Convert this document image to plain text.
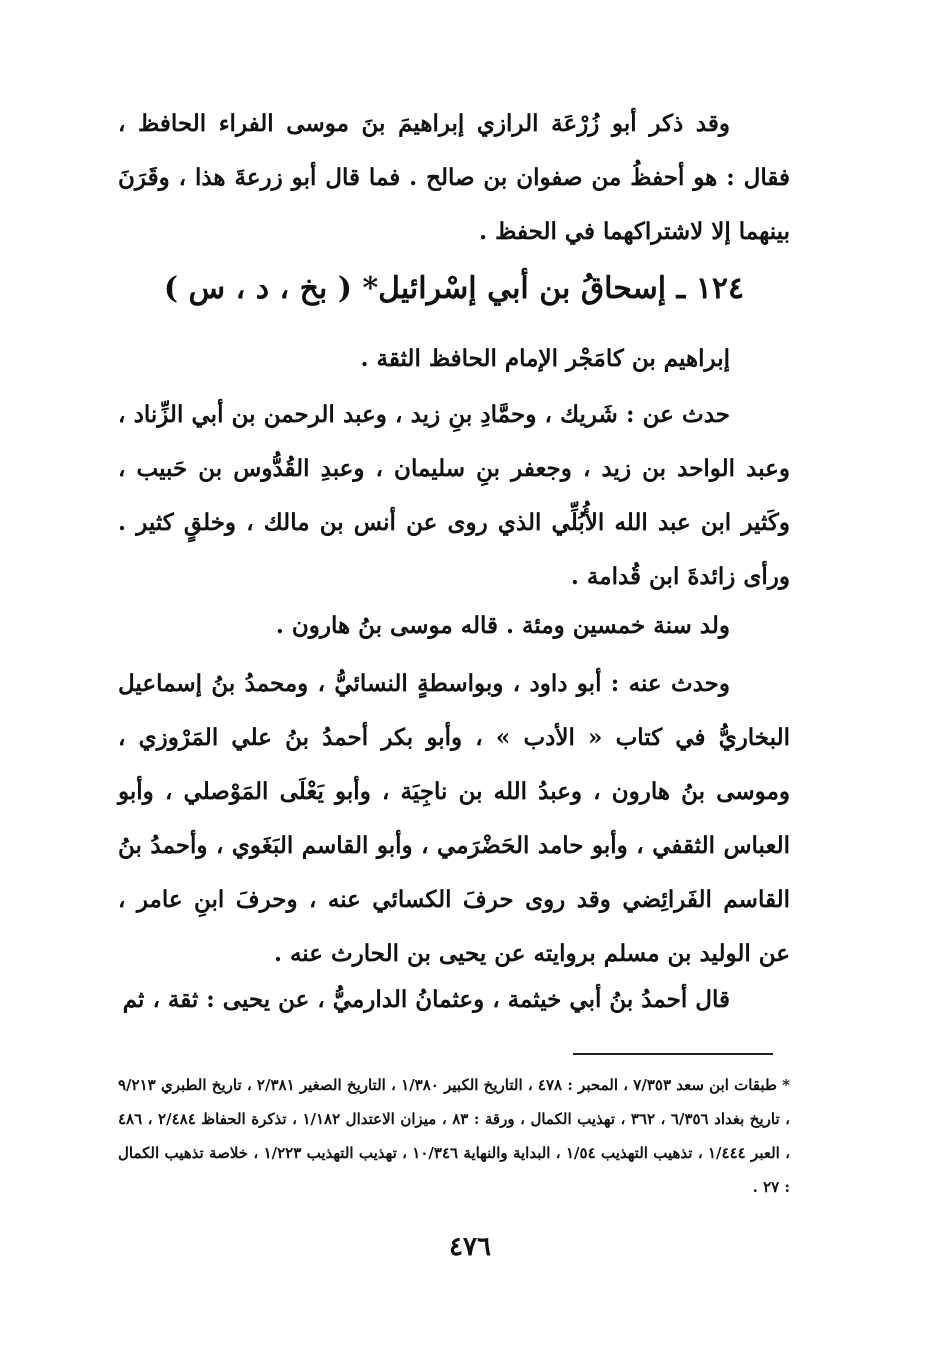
وقد ذكر أبو زُرْعَة الرازي إبراهيمَ بنَ موسى الفراء الحافظ ، فقال : هو أحفظُ من صفوان بن صالح . فما قال أبو زرعةَ هذا ، وقَرَنَ بينهما إلا لاشتراكهما في الحفظ .
١٢٤ ـ إسحاقُ بن أبي إسْرائيل* ( بخ ، د ، س )
إبراهيم بن كامَجْر الإمام الحافظ الثقة .
حدث عن : شَريك ، وحمَّادِ بنِ زيد ، وعبد الرحمن بن أبي الزِّناد ، وعبد الواحد بن زيد ، وجعفر بنِ سليمان ، وعبدِ القُدُّوس بن حَبيب ، وكَثير ابن عبد الله الأُبُلِّي الذي روى عن أنس بن مالك ، وخلقٍ كثير . ورأى زائدةَ ابن قُدامة .
ولد سنة خمسين ومئة . قاله موسى بنُ هارون .
وحدث عنه : أبو داود ، وبواسطةٍ النسائيُّ ، ومحمدُ بنُ إسماعيل البخاريُّ في كتاب « الأدب » ، وأبو بكر أحمدُ بنُ علي المَرْوزي ، وموسى بنُ هارون ، وعبدُ الله بن ناجِيَة ، وأبو يَعْلَى المَوْصلي ، وأبو العباس الثقفي ، وأبو حامد الحَضْرَمي ، وأبو القاسم البَغَوي ، وأحمدُ بنُ القاسم الفَرائِضي وقد روى حرفَ الكسائي عنه ، وحرفَ ابنِ عامر ، عن الوليد بن مسلم بروايته عن يحيى بن الحارث عنه .
قال أحمدُ بنُ أبي خيثمة ، وعثمانُ الدارميُّ ، عن يحيى : ثقة ، ثم
* طبقات ابن سعد ٧/٣٥٣ ، المحبر : ٤٧٨ ، التاريخ الكبير ١/٣٨٠ ، التاريخ الصغير ٢/٣٨١ ، تاريخ الطبري ٩/٢١٣ ، تاريخ بغداد ٦/٣٥٦ ، ٣٦٢ ، تهذيب الكمال ، ورقة : ٨٣ ، ميزان الاعتدال ١/١٨٢ ، تذكرة الحفاظ ٢/٤٨٤ ، ٤٨٦ ، العبر ١/٤٤٤ ، تذهيب التهذيب ١/٥٤ ، البداية والنهاية ١٠/٣٤٦ ، تهذيب التهذيب ١/٢٢٣ ، خلاصة تذهيب الكمال : ٢٧ .
٤٧٦
